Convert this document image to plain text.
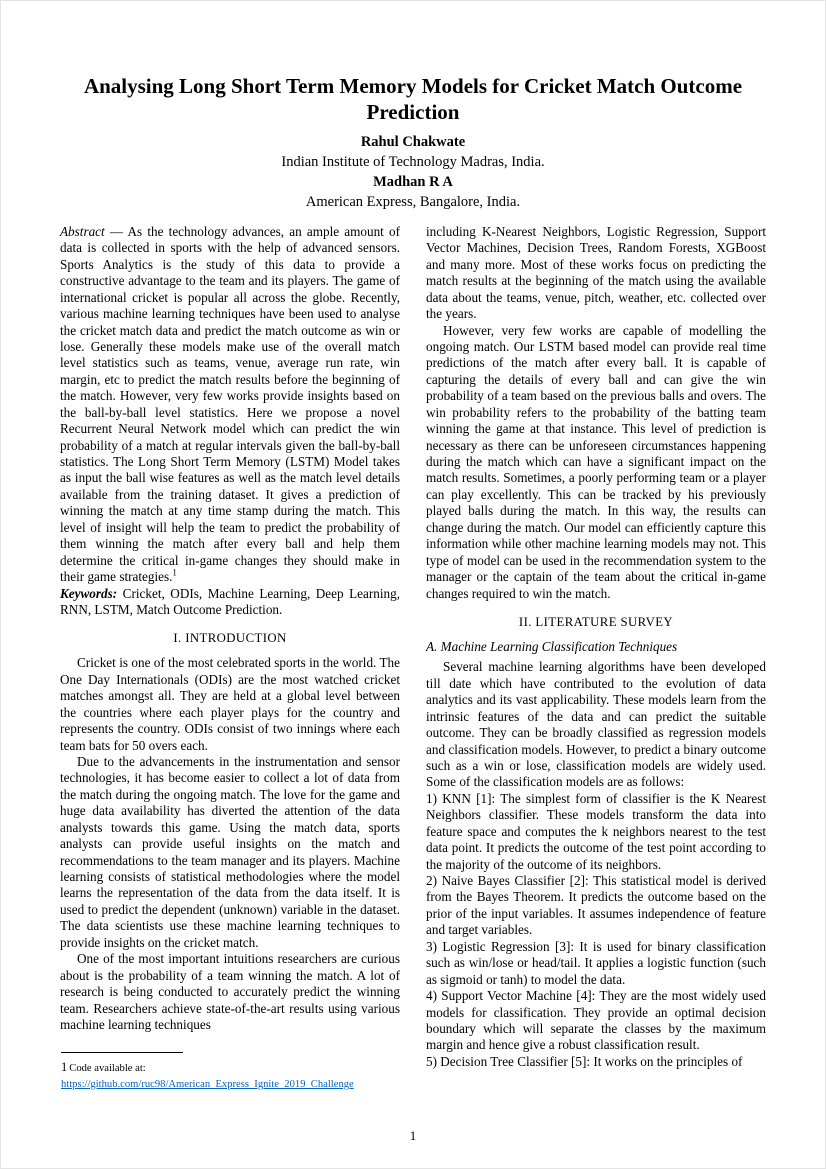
Analysing Long Short Term Memory Models for Cricket Match Outcome Prediction
Rahul Chakwate
Indian Institute of Technology Madras, India.
Madhan R A
American Express, Bangalore, India.

Abstract — As the technology advances, an ample amount of data is collected in sports with the help of advanced sensors. Sports Analytics is the study of this data to provide a constructive advantage to the team and its players. The game of international cricket is popular all across the globe. Recently, various machine learning techniques have been used to analyse the cricket match data and predict the match outcome as win or lose. Generally these models make use of the overall match level statistics such as teams, venue, average run rate, win margin, etc to predict the match results before the beginning of the match. However, very few works provide insights based on the ball-by-ball level statistics. Here we propose a novel Recurrent Neural Network model which can predict the win probability of a match at regular intervals given the ball-by-ball statistics. The Long Short Term Memory (LSTM) Model takes as input the ball wise features as well as the match level details available from the training dataset. It gives a prediction of winning the match at any time stamp during the match. This level of insight will help the team to predict the probability of them winning the match after every ball and help them determine the critical in-game changes they should make in their game strategies.$^1$

Keywords: Cricket, ODIs, Machine Learning, Deep Learning, RNN, LSTM, Match Outcome Prediction.

I. INTRODUCTION

Cricket is one of the most celebrated sports in the world. The One Day Internationals (ODIs) are the most watched cricket matches amongst all. They are held at a global level between the countries where each player plays for the country and represents the country. ODIs consist of two innings where each team bats for 50 overs each.

Due to the advancements in the instrumentation and sensor technologies, it has become easier to collect a lot of data from the match during the ongoing match. The love for the game and huge data availability has diverted the attention of the data analysts towards this game. Using the match data, sports analysts can provide useful insights on the match and recommendations to the team manager and its players. Machine learning consists of statistical methodologies where the model learns the representation of the data from the data itself. It is used to predict the dependent (unknown) variable in the dataset. The data scientists use these machine learning techniques to provide insights on the cricket match.

One of the most important intuitions researchers are curious about is the probability of a team winning the match. A lot of research is being conducted to accurately predict the winning team. Researchers achieve state-of-the-art results using various machine learning techniques

including K-Nearest Neighbors, Logistic Regression, Support Vector Machines, Decision Trees, Random Forests, XGBoost and many more. Most of these works focus on predicting the match results at the beginning of the match using the available data about the teams, venue, pitch, weather, etc. collected over the years.

However, very few works are capable of modelling the ongoing match. Our LSTM based model can provide real time predictions of the match after every ball. It is capable of capturing the details of every ball and can give the win probability of a team based on the previous balls and overs. The win probability refers to the probability of the batting team winning the game at that instance. This level of prediction is necessary as there can be unforeseen circumstances happening during the match which can have a significant impact on the match results. Sometimes, a poorly performing team or a player can play excellently. This can be tracked by his previously played balls during the match. In this way, the results can change during the match. Our model can efficiently capture this information while other machine learning models may not. This type of model can be used in the recommendation system to the manager or the captain of the team about the critical in-game changes required to win the match.

II. LITERATURE SURVEY
A. Machine Learning Classification Techniques

Several machine learning algorithms have been developed till date which have contributed to the evolution of data analytics and its vast applicability. These models learn from the intrinsic features of the data and can predict the suitable outcome. They can be broadly classified as regression models and classification models. However, to predict a binary outcome such as a win or lose, classification models are widely used. Some of the classification models are as follows:

1) KNN [1]: The simplest form of classifier is the K Nearest Neighbors classifier. These models transform the data into feature space and computes the k neighbors nearest to the test data point. It predicts the outcome of the test point according to the majority of the outcome of its neighbors.

2) Naive Bayes Classifier [2]: This statistical model is derived from the Bayes Theorem. It predicts the outcome based on the prior of the input variables. It assumes independence of feature and target variables.

3) Logistic Regression [3]: It is used for binary classification such as win/lose or head/tail. It applies a logistic function (such as sigmoid or tanh) to model the data.

4) Support Vector Machine [4]: They are the most widely used models for classification. They provide an optimal decision boundary which will separate the classes by the maximum margin and hence give a robust classification result.

5) Decision Tree Classifier [5]: It works on the principles of

1 Code available at:
https://github.com/ruc98/American_Express_Ignite_2019_Challenge
1
